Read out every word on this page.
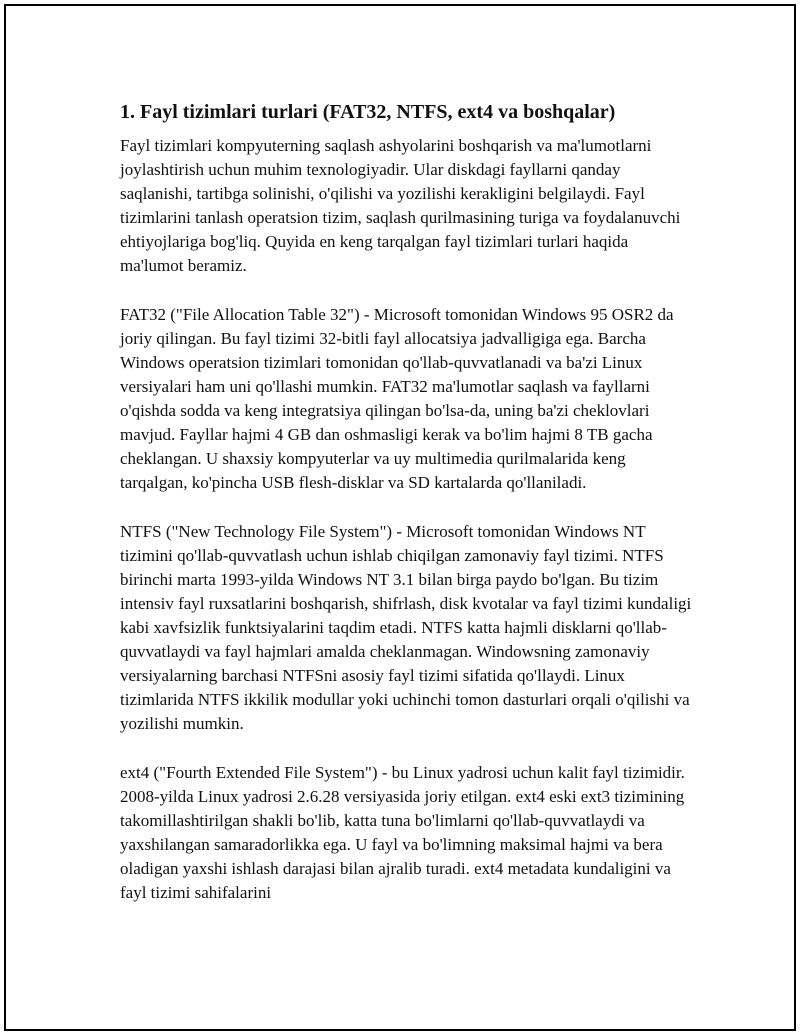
1. Fayl tizimlari turlari (FAT32, NTFS, ext4 va boshqalar)

Fayl tizimlari kompyuterning saqlash ashyolarini boshqarish va ma'lumotlarni joylashtirish uchun muhim texnologiyadir. Ular diskdagi fayllarni qanday saqlanishi, tartibga solinishi, o'qilishi va yozilishi kerakligini belgilaydi. Fayl tizimlarini tanlash operatsion tizim, saqlash qurilmasining turiga va foydalanuvchi ehtiyojlariga bog'liq. Quyida en keng tarqalgan fayl tizimlari turlari haqida ma'lumot beramiz.

FAT32 ("File Allocation Table 32") - Microsoft tomonidan Windows 95 OSR2 da joriy qilingan. Bu fayl tizimi 32-bitli fayl allocatsiya jadvalligiga ega. Barcha Windows operatsion tizimlari tomonidan qo'llab-quvvatlanadi va ba'zi Linux versiyalari ham uni qo'llashi mumkin. FAT32 ma'lumotlar saqlash va fayllarni o'qishda sodda va keng integratsiya qilingan bo'lsa-da, uning ba'zi cheklovlari mavjud. Fayllar hajmi 4 GB dan oshmasligi kerak va bo'lim hajmi 8 TB gacha cheklangan. U shaxsiy kompyuterlar va uy multimedia qurilmalarida keng tarqalgan, ko'pincha USB flesh-disklar va SD kartalarda qo'llaniladi.

NTFS ("New Technology File System") - Microsoft tomonidan Windows NT tizimini qo'llab-quvvatlash uchun ishlab chiqilgan zamonaviy fayl tizimi. NTFS birinchi marta 1993-yilda Windows NT 3.1 bilan birga paydo bo'lgan. Bu tizim intensiv fayl ruxsatlarini boshqarish, shifrlash, disk kvotalar va fayl tizimi kundaligi kabi xavfsizlik funktsiyalarini taqdim etadi. NTFS katta hajmli disklarni qo'llab-quvvatlaydi va fayl hajmlari amalda cheklanmagan. Windowsning zamonaviy versiyalarning barchasi NTFSni asosiy fayl tizimi sifatida qo'llaydi. Linux tizimlarida NTFS ikkilik modullar yoki uchinchi tomon dasturlari orqali o'qilishi va yozilishi mumkin.

ext4 ("Fourth Extended File System") - bu Linux yadrosi uchun kalit fayl tizimidir. 2008-yilda Linux yadrosi 2.6.28 versiyasida joriy etilgan. ext4 eski ext3 tizimining takomillashtirilgan shakli bo'lib, katta tuna bo'limlarni qo'llab-quvvatlaydi va yaxshilangan samaradorlikka ega. U fayl va bo'limning maksimal hajmi va bera oladigan yaxshi ishlash darajasi bilan ajralib turadi. ext4 metadata kundaligini va fayl tizimi sahifalarini
